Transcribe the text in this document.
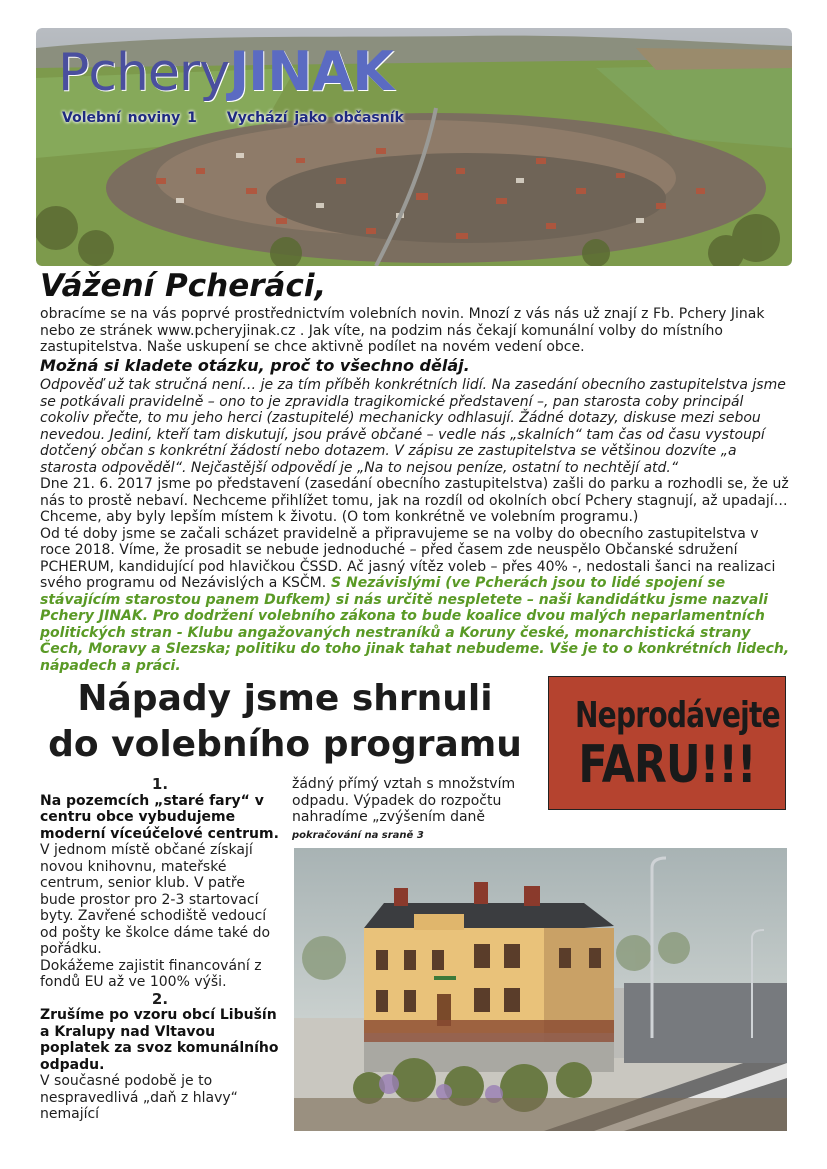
PcheryJINAK
Volební noviny 1 Vychází jako občasník
Vážení Pcheráci,
obracíme se na vás poprvé prostřednictvím volebních novin. Mnozí z vás nás už znají z Fb. Pchery Jinak nebo ze stránek www.pcheryjinak.cz . Jak víte, na podzim nás čekají komunální volby do místního zastupitelstva. Naše uskupení se chce aktivně podílet na novém vedení obce.
Možná si kladete otázku, proč to všechno děláj.
Odpověď už tak stručná není… je za tím příběh konkrétních lidí. Na zasedání obecního zastupitelstva jsme se potkávali pravidelně – ono to je zpravidla tragikomické představení –, pan starosta coby principál cokoliv přečte, to mu jeho herci (zastupitelé) mechanicky odhlasují. Žádné dotazy, diskuse mezi sebou nevedou. Jediní, kteří tam diskutují, jsou právě občané – vedle nás „skalních“ tam čas od času vystoupí dotčený občan s konkrétní žádostí nebo dotazem. V zápisu ze zastupitelstva se většinou dozvíte „a starosta odpověděl“. Nejčastější odpovědí je „Na to nejsou peníze, ostatní to nechtějí atd.“
Dne 21. 6. 2017 jsme po představení (zasedání obecního zastupitelstva) zašli do parku a rozhodli se, že už nás to prostě nebaví. Nechceme přihlížet tomu, jak na rozdíl od okolních obcí Pchery stagnují, až upadají… Chceme, aby byly lepším místem k životu. (O tom konkrétně ve volebním programu.)
Od té doby jsme se začali scházet pravidelně a připravujeme se na volby do obecního zastupitelstva v roce 2018. Víme, že prosadit se nebude jednoduché – před časem zde neuspělo Občanské sdružení PCHERUM, kandidující pod hlavičkou ČSSD. Ač jasný vítěz voleb – přes 40% -, nedostali šanci na realizaci svého programu od Nezávislých a KSČM. S Nezávislými (ve Pcherách jsou to lidé spojení se stávajícím starostou panem Dufkem) si nás určitě nespletete – naši kandidátku jsme nazvali Pchery JINAK. Pro dodržení volebního zákona to bude koalice dvou malých neparlamentních politických stran - Klubu angažovaných nestraníků a Koruny české, monarchistická strany Čech, Moravy a Slezska; politiku do toho jinak tahat nebudeme. Vše je to o konkrétních lidech, nápadech a práci.
Nápady jsme shrnuli
do volebního programu
Neprodávejte
FARU!!!
1.

Na pozemcích „staré fary“ v centru obce vybudujeme moderní víceúčelové centrum.

V jednom místě občané získají novou knihovnu, mateřské centrum, senior klub. V patře bude prostor pro 2-3 startovací byty. Zavřené schodiště vedoucí od pošty ke školce dáme také do pořádku.

Dokážeme zajistit financování z fondů EU až ve 100% výši.

2.

Zrušíme po vzoru obcí Libušín a Kralupy nad Vltavou poplatek za svoz komunálního odpadu.

V současné podobě je to nespravedlivá „daň z hlavy“ nemající

žádný přímý vztah s množstvím odpadu. Výpadek do rozpočtu nahradíme „zvýšením daně
pokračování na sraně 3
